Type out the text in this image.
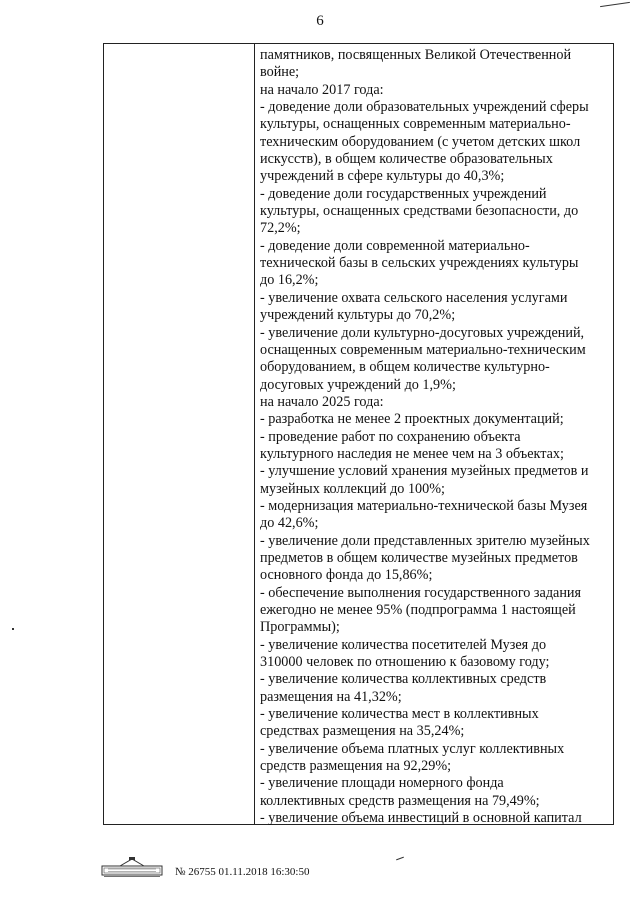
6
памятников, посвященных Великой Отечественной
войне;
на начало 2017 года:
- доведение доли образовательных учреждений сферы
культуры, оснащенных современным материально-
техническим оборудованием (с учетом детских школ
искусств), в общем количестве образовательных
учреждений в сфере культуры до 40,3%;
- доведение доли государственных учреждений
культуры, оснащенных средствами безопасности, до
72,2%;
- доведение доли современной материально-
технической базы в сельских учреждениях культуры
до 16,2%;
- увеличение охвата сельского населения услугами
учреждений культуры до 70,2%;
- увеличение доли культурно-досуговых учреждений,
оснащенных современным материально-техническим
оборудованием, в общем количестве культурно-
досуговых учреждений до 1,9%;
на начало 2025 года:
- разработка не менее 2 проектных документаций;
- проведение работ по сохранению объекта
культурного наследия не менее чем на 3 объектах;
- улучшение условий хранения музейных предметов и
музейных коллекций до 100%;
- модернизация материально-технической базы Музея
до 42,6%;
- увеличение доли представленных зрителю музейных
предметов в общем количестве музейных предметов
основного фонда до 15,86%;
- обеспечение выполнения государственного задания
ежегодно не менее 95% (подпрограмма 1 настоящей
Программы);
- увеличение количества посетителей Музея до
310000 человек по отношению к базовому году;
- увеличение количества коллективных средств
размещения на 41,32%;
- увеличение количества мест в коллективных
средствах размещения на 35,24%;
- увеличение объема платных услуг коллективных
средств размещения на 92,29%;
- увеличение площади номерного фонда
коллективных средств размещения на 79,49%;
- увеличение объема инвестиций в основной капитал
№ 26755 01.11.2018 16:30:50
